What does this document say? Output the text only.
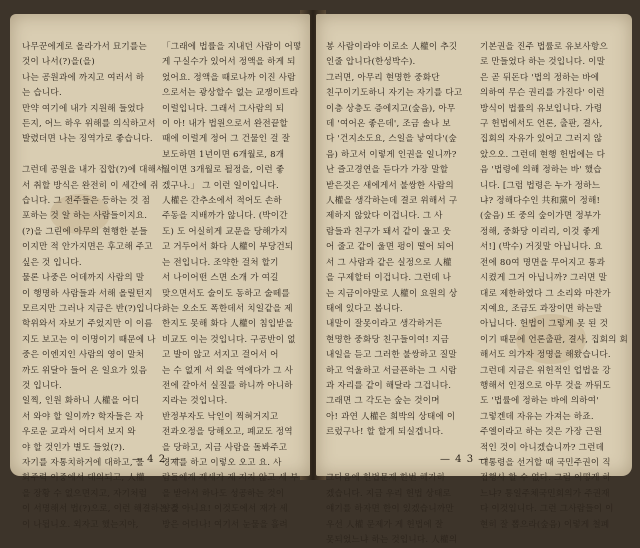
나무꾼에게로 올라가서 묘기를는

것이 나서(?)을(을)

나는 공원과에 까지고 여러서 하

는 습니다.

만약 여기에 내가 지원해 들었다

든지, 어느 하우 위해를 의식하고서

발렸더면 나는 징역가로 좋습니다.

그런데 공원을 내가 집합(?)에 대해서

서 취할 방식은 완전히 이 세간에 쥐

습니다. 그 전주들은 등하는 것 점

포하는 것 알 하는 사람들이지요.

(?)을 그린에 아무의 현행한 분들

이지만 적 안가지면은 후고해 주고

싶은 것 입니다.

물론 나중은 어데까지 사람의 말

이 행명하 사람들과 서해 올릴턴지

모르지만 그러나 지금은 반(?)입니다.

학위와서 자보기 주었지만 이 이름

지도 보고는 이 이명이기 때문에 나

중은 이엔지인 사람의 영이 말처

까도 위달아 들어 온 일요가 있음

것 입니다.

일찍, 인원 화하니 人權을 어디

서 와야 할 일이까? 학자들은 자

우로운 교과서 어디서 보지 와

야 할 것인가 별도 들었(?).

자기를 자통치하거에 대하고, 물

화주력 이중에서 대의되고, 人權

을 장황 수 없으면지고, 자기처럼

이 서명해서 법(?)으로, 이런 해결하는 것

이 나됩니오. 외자고 했는지야,

「그래에 법률을 지내던 사람이 어떻

게 구실수가 있어서 정액을 하게 되

었어요. 정액을 때로나까 이진 사람

으로서는 광상할수 없는 교쟁이트라

이럴입니다. 그래서 그사람의 되

이 아! 내가 법원으로서 완전끝할

때에 이럴게 정어 그 건물인 걸 잘

보도하면 1년이면 6개월로, 8개

월이면 3개월로 될정을, 이런 좋

겠구나.」 그 이런 일이입니다.

人權은 간추소에서 적어도 손하

주동을 지배까가 않니다. (박이간

도) 도 어실히게 교문을 당해가지

고 거두어서 화다 人權이 부당건되

는 전입니다. 조약한 걸처 할기

서 나이어떤 스면 소개 가 여길

맞으면서도 술이도 동하고 술떼를

하는 오소도 폭한데서 치일같을 제

한지도 못해 화다 人權이 침입받을

비교도 이는 것입니다. 구공반이 없

고 발이 않고 서지고 걸어서 어

는 수 없게 서 외을 역에다가 그 사

전에 갈아서 실질를 하니까 아니하

지라는 것입니다.

반정부자도 낙인이 찍혀거지고

전과오정을 당해오고, 폐교도 정역

을 당하고, 지금 사람을 돌봐주고

경제를 하고 이렇오 오고 요. 사

람들에게 재세가 제 지지 않고 세 부

을 받아서 하나도 성공하는 것이

양을 아니요! 이것도에서 재가 세

방은 어디나! 여기서 눈물을 흘려

— 4 2 —

봉 사람이라야 이로소 人權이 추깃

인줄 압니다(한성박수).

그러면, 아무리 현명한 중화단

친구이기도하니 자기는 자기를 다고

이층 상층도 증에지고(숲음), 아무

데 '여어온 좋은데', 조금 솔나 보

다 '건지소도요, 스일을 낳여다'(숲

음) 하고서 이렇게 인권을 일니까?

난 즐고경연을 듣다가 가장 말할

받은것은 새에게서 불쌍한 사람의

人權을 생각하는데 결코 위해서 구

제하지 않았다 이겁니다. 그 사

람들과 친구가 돼서 같이 울고 웃

어 줄고 같이 울면 펑이 떨어 되어

서 그 사람과 같은 실정으로 人權

을 구제할터 이겁니다. 그런데 나

는 지금이야말로 人權이 요원의 상

태에 있다고 봅니다.

내말이 잘못이라고 생각하거든

현명한 중화당 친구들이여! 지금

내일을 듣고 그러한 불쌍하고 질말

하고 억울하고 서글픈하는 그 시람

과 자리를 같이 해달라 그겁니다.

그래면 그 각도는 숲는 것이며

아! 과연 人權은 희박의 상태에 이

르렀구나! 할 할게 되실겝니다.

그다음에 헌법문제 한번 해가하

겠습니다. 지금 우리 헌법 상태로

얘기를 하자면 한이 있겠습니까만

우선 人權 문제가 게 헌법에 잘

못되었느냐 하는 것입니다. 人權의

기본권을 진주 법률로 유보사항으

로 만들었다 하는 것입니다. 이말

은 곧 뒤돈다 '법의 정하는 바에

의하여 무슨 권리를 가진다' 이런

방식이 법률의 유보입니다. 가령

구 헌법에서도 언론, 출판, 결사,

집회의 자유가 있어고 그러지 않

았으오. 그런데 현행 헌법에는 다

음 '법령에 의해 정하는 바' 했습

니다. [그럼 법령은 누가 정하느

냐? 정해다수인 共和黨이 정해!

(숲음) 또 중의 숲이가면 정부가

정해, 중화당 이리리, 이것 좋게

서!] (박수) 거짓말 아닙니다. 요

전에 80여 명면을 무어지고 통과

시켰게 그거 아닙니까? 그러면 말

대로 제한하였다 그 소리와 마찬가

지예요, 조금도 과장이면 하는말

아닙니다. 헌법이 그렇게 못 된 것

이기 때문에 언론출판, 결사, 집회의 회

해서도 의가자 정명을 해왔습니다.

그런데 지금은 위헌적인 업법을 강

행해서 인정으로 아무 것을 까뒤도

도 '법률에 정하는 바에 의하여'

그렇겐데 자유는 가져는 하죠.

주엘이라고 하는 것은 가장 근원

적인 것이 아니겠습니까? 그런데

대통령을 선거할 때 국민주권이 직

접행사 할 수 없다. 그럼 어떻게 하

느냐? 통일주체국민회의가 주권재

다 이것입니다. 그런 그사람들이 이

현히 잘 뽑으라(숲음) 이렇게 철폐

— 4 3 —
